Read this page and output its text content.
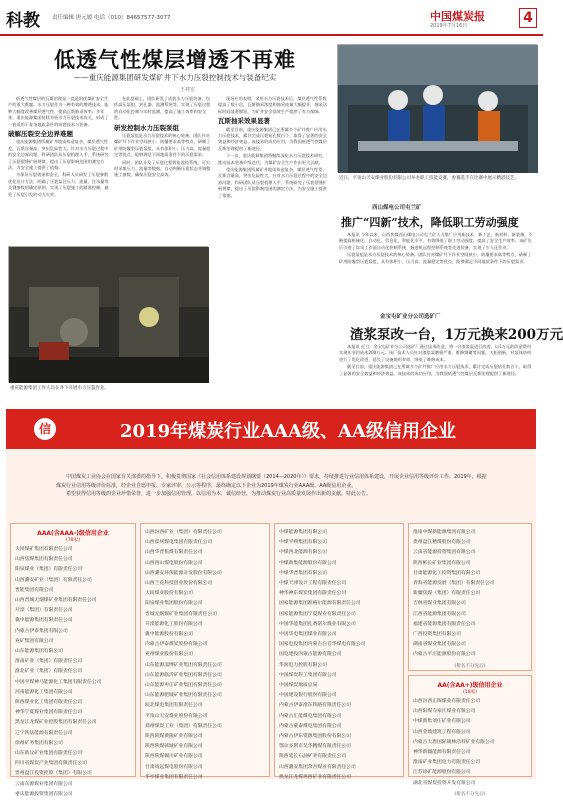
科教 责任编辑 唐元媛 电话（010）84657577-3077	中国煤炭报
2019年7月16日	4
低透气性煤层增透不再难
——重庆能源集团研发煤矿井下水力压裂控制技术与装备纪实
王祥宏

低透气性煤层的瓦斯治理是一直是困扰煤矿安全生产的重大难题。水力压裂作为一种有效的增透技术，能够大幅度改善煤层透气性，提高瓦斯抽采效率。多年来，重庆能源集团持续开展水力压裂技术攻关，形成了一套适用于复杂地质条件的成套技术与装备。

破解压裂安全边界难题

重庆能源集团所属矿井地质构造复杂，煤层透气性差，瓦斯含量高，突出危险性大。针对水力压裂过程中的安全边界问题，科研团队从压裂机理入手，系统研究了压裂裂缝扩展规律，提出了压裂影响范围的测定方法，为安全施工提供了依据。

为保证压裂效果和安全，科研人员研发了压裂参数优化设计方法，明确了压裂泵注压力、流量、注水量等关键参数的确定原则，实现了压裂施工的精准控制，避免了压裂引发的动力灾害。

在此基础上，团队研发了成套水力压裂装备，包括高压泵组、封孔器、监测系统等，实现了压裂过程的自动化控制与实时监测，提高了施工效率和安全性。

研发控制水力压裂泵组

压裂泵组是水力压裂技术的核心装备。团队针对煤矿井下作业空间狭小、防爆要求高等特点，研制了矿用防爆型压裂泵组，具有体积小、压力高、流量稳定等优点，能够满足不同地质条件下的压裂需求。

同时，团队开发了压裂过程智能监控系统，可实时采集压力、流量等数据，自动判断压裂状态并调整施工参数，确保压裂安全高效。

现场应用表明，采用水力压裂技术后，煤层透气性系数提高了数十倍，瓦斯抽采浓度和抽采纯量大幅提升，抽采达标时间显著缩短，为矿井安全高效生产提供了有力保障。

瓦斯抽采效果显著

截至目前，重庆能源集团已在所属多个矿井推广应用水力压裂技术，累计完成压裂钻孔数百个，取得了显著的安全效益和经济效益。该技术的成功应用，为我国低透气性煤层瓦斯治理提供了新途径。

下一步，重庆能源集团将继续深化水力压裂技术研究，推动技术装备升级迭代，为煤矿安全生产作出更大贡献。

重庆能源集团所属矿井地质构造复杂，煤层透气性差，瓦斯含量高，突出危险性大。针对水力压裂过程中的安全边界问题，科研团队从压裂机理入手，系统研究了压裂裂缝扩展规律，提出了压裂影响范围的测定方法，为安全施工提供了依据。

重庆能源集团工作人员在井下开展水力压裂作业。
近日，平顶山天安煤业股份有限公司举办职工技能竞赛，参赛选手在比赛中展示精湛技艺。
西山煤电公司屯兰矿
推广“四新”技术，降低职工劳动强度

本报讯 今年以来，山西焦煤西山煤电公司屯兰矿大力推广应用新技术、新工艺、新材料、新装备，不断提高机械化、自动化、信息化、智能化水平，有效降低了职工劳动强度，提高了安全生产效率。该矿先后引进了综采工作面自动化控制系统、掘进机远程控制系统等先进装备，实现了少人化作业。

压裂泵组是水力压裂技术的核心装备。团队针对煤矿井下作业空间狭小、防爆要求高等特点，研制了矿用防爆型压裂泵组，具有体积小、压力高、流量稳定等优点，能够满足不同地质条件下的压裂需求。

金宝屯矿业分公司选矿厂
渣浆泵改一台，1万元换来200万元

本报讯 近日，金宝屯矿业分公司选矿厂通过技术改造，将一台渣浆泵进行改进，以1万元的改造费用实现年节约成本200万元。该厂技术人员针对渣浆泵磨损严重、维修频繁等问题，大胆创新，对泵体结构进行了优化改进，延长了设备使用寿命，降低了维修成本。

截至目前，重庆能源集团已在所属多个矿井推广应用水力压裂技术，累计完成压裂钻孔数百个，取得了显著的安全效益和经济效益。该技术的成功应用，为我国低透气性煤层瓦斯治理提供了新途径。

信	2019年煤炭行业AAA级、AA级信用企业

中国煤炭工业协会在国家有关部委的指导下，积极贯彻国家《社会信用体系建设规划纲要（2014—2020年）》要求，持续推进行业信用体系建设，开展企业信用等级评价工作。2019年，根据煤炭行业信用等级评价标准，经企业自愿申报、专家评审、公示等程序，最终确定以下企业为2019年煤炭行业AAA级、AA级信用企业。

希望获得信用等级的企业珍惜荣誉，进一步加强信用管理，以信用为本，诚信经营，为推动煤炭行业高质量发展作出新的贡献。特此公告。

AAA(含AAA-)级信用企业
(78家)
大同煤矿集团有限责任公司
山西焦煤集团有限责任公司
阳泉煤业（集团）有限责任公司
山西潞安矿业（集团）有限责任公司
晋能集团有限公司
山西晋城无烟煤矿业集团有限责任公司
开滦（集团）有限责任公司
冀中能源集团有限责任公司
内蒙古伊泰集团有限公司
兖矿集团有限公司
山东能源集团有限公司
淮南矿业（集团）有限责任公司
淮北矿业（集团）有限责任公司
中国平煤神马能源化工集团有限责任公司
河南能源化工集团有限公司
陕西煤业化工集团有限责任公司
神华宁夏煤业集团有限责任公司
黑龙江龙煤矿业控股集团有限责任公司
辽宁铁法能源有限责任公司
徐州矿务集团有限公司
山东新汶矿业集团有限责任公司
四川省煤炭产业集团有限责任公司
贵州盘江投资控股（集团）有限公司
云南东源煤业集团有限公司
重庆能源投资集团有限公司
山西汾西矿业（集团）有限责任公司
山西霍州煤电集团有限责任公司
山西华晋焦煤有限责任公司
山西西山煤电股份有限公司
山西潞安环保能源开发股份有限公司
山西兰花科技创业股份有限公司
大同煤业股份有限公司
阳泉煤业集团股份有限公司
晋城无烟煤矿业集团有限责任公司
开滦能源化工股份有限公司
冀中能源股份有限公司
内蒙古伊泰煤炭股份有限公司
兖州煤业股份有限公司
山东能源淄博矿业集团有限责任公司
山东能源临沂矿业集团有限责任公司
山东能源枣庄矿业集团有限责任公司
山东能源肥城矿业集团有限责任公司
皖北煤电集团有限责任公司
平顶山天安煤业股份有限公司
郑州煤炭工业（集团）有限责任公司
陕西陕煤黄陵矿业有限公司
陕西陕煤韩城矿业有限公司
陕西陕煤铜川矿业有限公司
甘肃靖远煤电股份有限公司
华亭煤业集团有限责任公司
中煤能源集团有限公司
中煤平朔集团有限公司
中煤西北能源有限公司
中煤新集能源股份有限公司
中煤华晋集团有限公司
中煤天津设计工程有限责任公司
神华神东煤炭集团有限责任公司
国家能源集团准格尔能源有限责任公司
国家能源集团宁夏煤业有限责任公司
中国华能集团扎赉诺尔煤业有限公司
中国华电集团煤业有限公司
国家电投集团内蒙古白音华煤电有限公司
国电建投内蒙古能源有限公司
华润电力控股有限公司
中国煤炭科工集团有限公司
中国煤炭地质总局
中国建设银行股份有限公司
内蒙古伊泰准东铁路有限责任公司
内蒙古汇能煤电集团有限公司
内蒙古蒙泰煤电集团有限公司
内蒙古伊东资源集团股份有限公司
鄂尔多斯市昊华精煤有限责任公司
陕西延长石油矿业有限责任公司
山西潞安集团余吾煤业有限责任公司
黑龙江龙煤鸡西矿业有限责任公司
淮南中煤新能源集团有限公司
贵州盘江精煤股份有限公司
云南省能源投资集团有限公司
陕西彬长矿业集团有限公司
甘肃能源化工投资集团有限公司
青海省能源发展（集团）有限责任公司
新疆焦煤（集团）有限责任公司
吉林省煤业集团有限公司
江西省能源集团有限公司
福建省能源集团有限责任公司
广西投资集团有限公司
湖南省煤业集团有限公司
内蒙古平庄能源股份有限公司
(排名不分先后)
AA(含AA+)级信用企业
(18家)
山西汾西正晖煤业有限责任公司
山西阳煤寺家庄煤业有限公司
中煤新集刘庄矿业有限公司
山西金鼎建筑工程有限公司
内蒙古大唐国际锡林浩特矿业有限公司
神华新疆能源有限责任公司
淮南矿业集团电力有限责任公司
江苏徐矿能源股份有限公司
湖北省煤炭投资开发有限公司
(排名不分先后)
